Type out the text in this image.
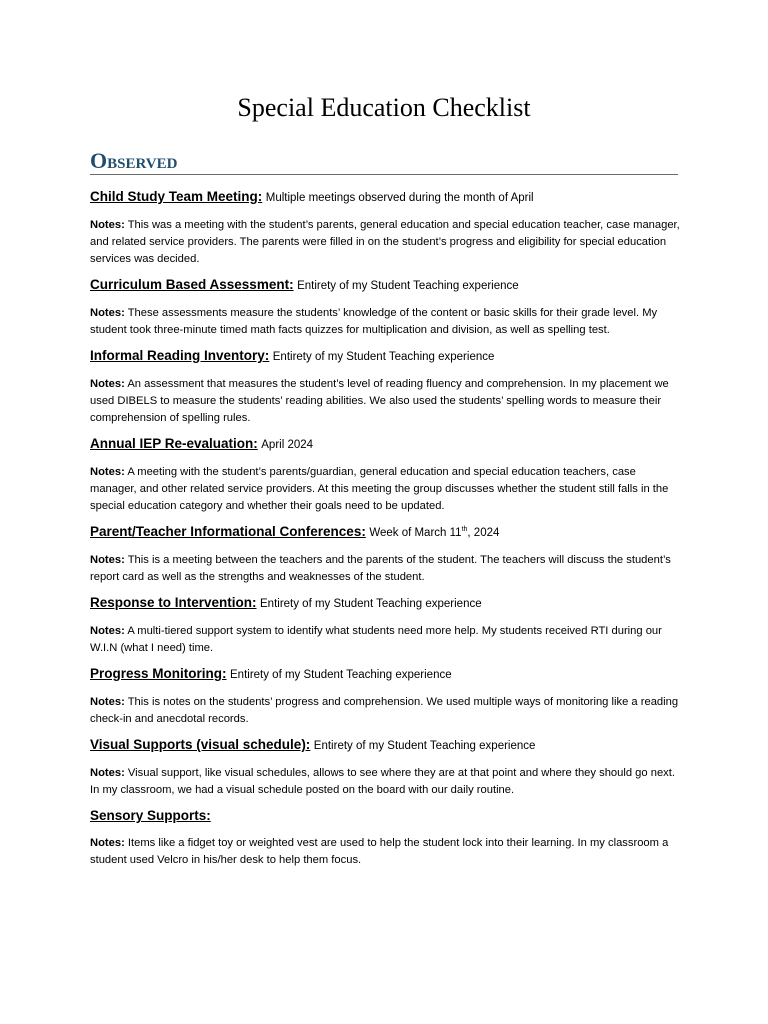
Special Education Checklist
Observed

Child Study Team Meeting: Multiple meetings observed during the month of April

Notes: This was a meeting with the student’s parents, general education and special education teacher, case manager, and related service providers. The parents were filled in on the student’s progress and eligibility for special education services was decided.

Curriculum Based Assessment: Entirety of my Student Teaching experience

Notes: These assessments measure the students’ knowledge of the content or basic skills for their grade level. My student took three-minute timed math facts quizzes for multiplication and division, as well as spelling test.

Informal Reading Inventory: Entirety of my Student Teaching experience

Notes: An assessment that measures the student’s level of reading fluency and comprehension. In my placement we used DIBELS to measure the students’ reading abilities. We also used the students’ spelling words to measure their comprehension of spelling rules.

Annual IEP Re-evaluation: April 2024

Notes: A meeting with the student’s parents/guardian, general education and special education teachers, case manager, and other related service providers. At this meeting the group discusses whether the student still falls in the special education category and whether their goals need to be updated.

Parent/Teacher Informational Conferences: Week of March 11th, 2024

Notes: This is a meeting between the teachers and the parents of the student. The teachers will discuss the student’s report card as well as the strengths and weaknesses of the student.

Response to Intervention: Entirety of my Student Teaching experience

Notes: A multi-tiered support system to identify what students need more help. My students received RTI during our W.I.N (what I need) time.

Progress Monitoring: Entirety of my Student Teaching experience

Notes: This is notes on the students’ progress and comprehension. We used multiple ways of monitoring like a reading check-in and anecdotal records.

Visual Supports (visual schedule): Entirety of my Student Teaching experience

Notes: Visual support, like visual schedules, allows to see where they are at that point and where they should go next. In my classroom, we had a visual schedule posted on the board with our daily routine.

Sensory Supports:

Notes: Items like a fidget toy or weighted vest are used to help the student lock into their learning. In my classroom a student used Velcro in his/her desk to help them focus.
